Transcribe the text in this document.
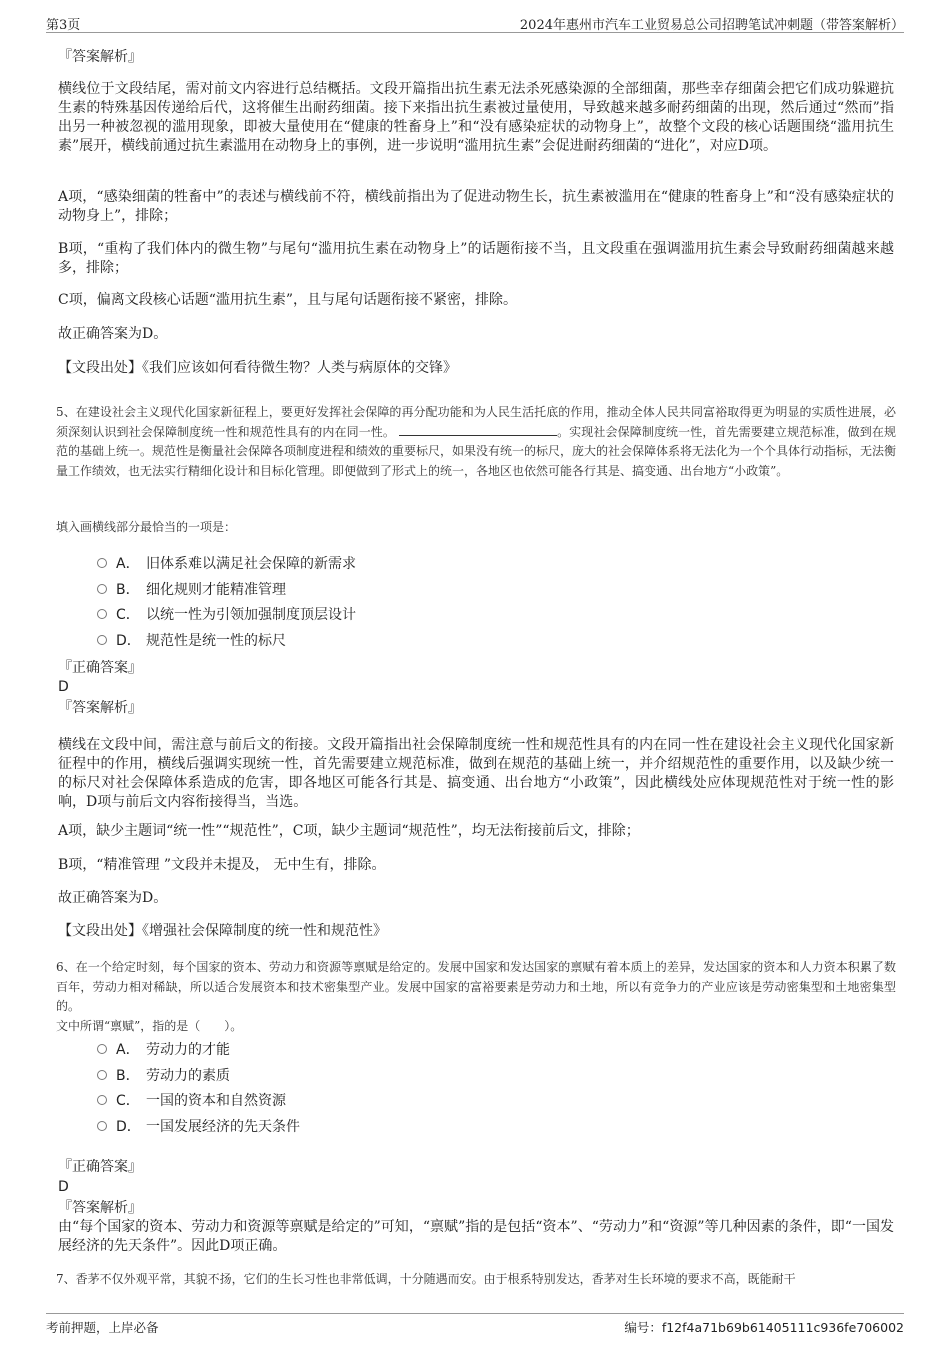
第3页	2024年惠州市汽车工业贸易总公司招聘笔试冲刺题（带答案解析）
『答案解析』
横线位于文段结尾，需对前文内容进行总结概括。文段开篇指出抗生素无法杀死感染源的全部细菌，那些幸存细菌会把它们成功躲避抗生素的特殊基因传递给后代，这将催生出耐药细菌。接下来指出抗生素被过量使用，导致越来越多耐药细菌的出现，然后通过“然而”指出另一种被忽视的滥用现象，即被大量使用在“健康的牲畜身上”和“没有感染症状的动物身上”，故整个文段的核心话题围绕“滥用抗生素”展开，横线前通过抗生素滥用在动物身上的事例，进一步说明“滥用抗生素”会促进耐药细菌的“进化”，对应D项。
A项，“感染细菌的牲畜中”的表述与横线前不符，横线前指出为了促进动物生长，抗生素被滥用在“健康的牲畜身上”和“没有感染症状的动物身上”，排除；
B项，“重构了我们体内的微生物”与尾句“滥用抗生素在动物身上”的话题衔接不当，且文段重在强调滥用抗生素会导致耐药细菌越来越多，排除；
C项，偏离文段核心话题“滥用抗生素”，且与尾句话题衔接不紧密，排除。
故正确答案为D。
【文段出处】《我们应该如何看待微生物？人类与病原体的交锋》
5、在建设社会主义现代化国家新征程上，要更好发挥社会保障的再分配功能和为人民生活托底的作用，推动全体人民共同富裕取得更为明显的实质性进展，必须深刻认识到社会保障制度统一性和规范性具有的内在同一性。	。实现社会保障制度统一性，首先需要建立规范标准，做到在规范的基础上统一。规范性是衡量社会保障各项制度进程和绩效的重要标尺，如果没有统一的标尺，庞大的社会保障体系将无法化为一个个具体行动指标，无法衡量工作绩效，也无法实行精细化设计和目标化管理。即便做到了形式上的统一，各地区也依然可能各行其是、搞变通、出台地方“小政策”。
填入画横线部分最恰当的一项是：
A． 旧体系难以满足社会保障的新需求
B． 细化规则才能精准管理
C． 以统一性为引领加强制度顶层设计
D． 规范性是统一性的标尺
『正确答案』
D
『答案解析』
横线在文段中间，需注意与前后文的衔接。文段开篇指出社会保障制度统一性和规范性具有的内在同一性在建设社会主义现代化国家新征程中的作用，横线后强调实现统一性，首先需要建立规范标准，做到在规范的基础上统一，并介绍规范性的重要作用，以及缺少统一的标尺对社会保障体系造成的危害，即各地区可能各行其是、搞变通、出台地方“小政策”，因此横线处应体现规范性对于统一性的影响，D项与前后文内容衔接得当，当选。
A项，缺少主题词“统一性”“规范性”，C项，缺少主题词“规范性”，均无法衔接前后文，排除；
B项，“精准管理 ”文段并未提及， 无中生有，排除。
故正确答案为D。
【文段出处】《增强社会保障制度的统一性和规范性》
6、在一个给定时刻，每个国家的资本、劳动力和资源等禀赋是给定的。发展中国家和发达国家的禀赋有着本质上的差异，发达国家的资本和人力资本积累了数百年，劳动力相对稀缺，所以适合发展资本和技术密集型产业。发展中国家的富裕要素是劳动力和土地，所以有竞争力的产业应该是劳动密集型和土地密集型的。
文中所谓“禀赋”，指的是（　　）。
A． 劳动力的才能
B． 劳动力的素质
C． 一国的资本和自然资源
D． 一国发展经济的先天条件
『正确答案』
D
『答案解析』
由“每个国家的资本、劳动力和资源等禀赋是给定的”可知，“禀赋”指的是包括“资本”、“劳动力”和“资源”等几种因素的条件，即“一国发展经济的先天条件”。因此D项正确。
7、香茅不仅外观平常，其貌不扬，它们的生长习性也非常低调，十分随遇而安。由于根系特别发达，香茅对生长环境的要求不高，既能耐干
考前押题，上岸必备	编号：f12f4a71b69b61405111c936fe706002
